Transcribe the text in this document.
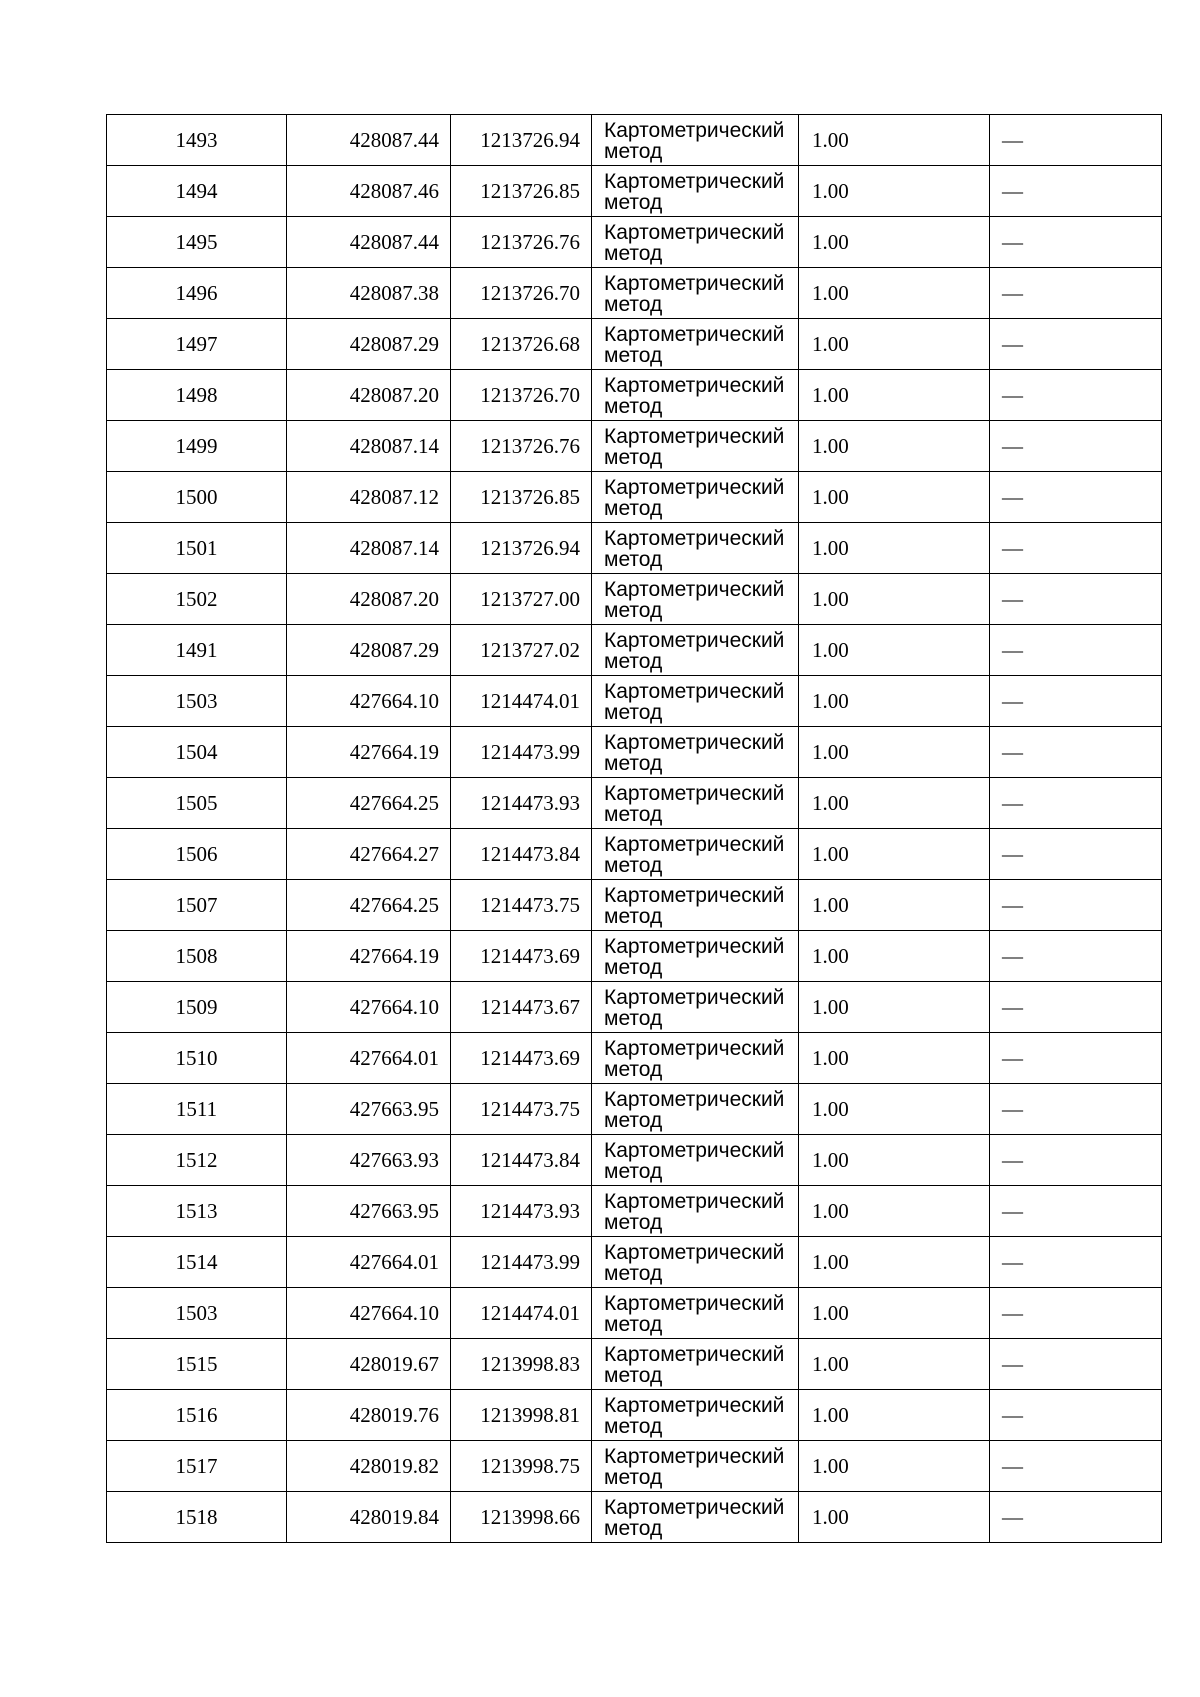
1493	428087.44	1213726.94	Картометрический метод	1.00	—
1494	428087.46	1213726.85	Картометрический метод	1.00	—
1495	428087.44	1213726.76	Картометрический метод	1.00	—
1496	428087.38	1213726.70	Картометрический метод	1.00	—
1497	428087.29	1213726.68	Картометрический метод	1.00	—
1498	428087.20	1213726.70	Картометрический метод	1.00	—
1499	428087.14	1213726.76	Картометрический метод	1.00	—
1500	428087.12	1213726.85	Картометрический метод	1.00	—
1501	428087.14	1213726.94	Картометрический метод	1.00	—
1502	428087.20	1213727.00	Картометрический метод	1.00	—
1491	428087.29	1213727.02	Картометрический метод	1.00	—
1503	427664.10	1214474.01	Картометрический метод	1.00	—
1504	427664.19	1214473.99	Картометрический метод	1.00	—
1505	427664.25	1214473.93	Картометрический метод	1.00	—
1506	427664.27	1214473.84	Картометрический метод	1.00	—
1507	427664.25	1214473.75	Картометрический метод	1.00	—
1508	427664.19	1214473.69	Картометрический метод	1.00	—
1509	427664.10	1214473.67	Картометрический метод	1.00	—
1510	427664.01	1214473.69	Картометрический метод	1.00	—
1511	427663.95	1214473.75	Картометрический метод	1.00	—
1512	427663.93	1214473.84	Картометрический метод	1.00	—
1513	427663.95	1214473.93	Картометрический метод	1.00	—
1514	427664.01	1214473.99	Картометрический метод	1.00	—
1503	427664.10	1214474.01	Картометрический метод	1.00	—
1515	428019.67	1213998.83	Картометрический метод	1.00	—
1516	428019.76	1213998.81	Картометрический метод	1.00	—
1517	428019.82	1213998.75	Картометрический метод	1.00	—
1518	428019.84	1213998.66	Картометрический метод	1.00	—
